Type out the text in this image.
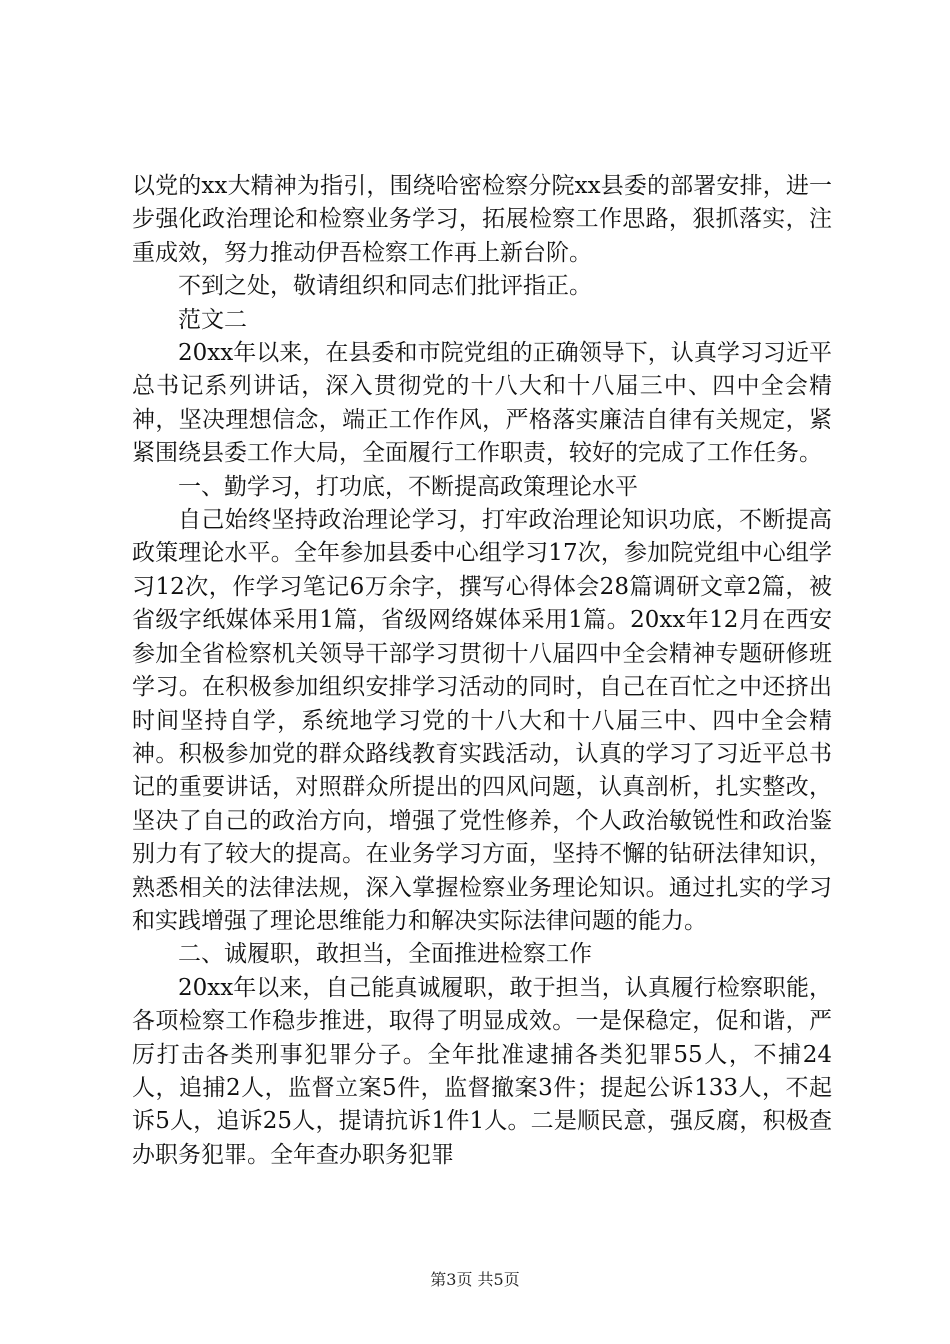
以党的xx大精神为指引，围绕哈密检察分院xx县委的部署安排，进一步强化政治理论和检察业务学习，拓展检察工作思路，狠抓落实，注重成效，努力推动伊吾检察工作再上新台阶。

不到之处，敬请组织和同志们批评指正。

范文二

20xx年以来，在县委和市院党组的正确领导下，认真学习习近平总书记系列讲话，深入贯彻党的十八大和十八届三中、四中全会精神，坚决理想信念，端正工作作风，严格落实廉洁自律有关规定，紧紧围绕县委工作大局，全面履行工作职责，较好的完成了工作任务。

一、勤学习，打功底，不断提高政策理论水平

自己始终坚持政治理论学习，打牢政治理论知识功底，不断提高政策理论水平。全年参加县委中心组学习17次，参加院党组中心组学习12次，作学习笔记6万余字，撰写心得体会28篇调研文章2篇，被省级字纸媒体采用1篇，省级网络媒体采用1篇。20xx年12月在西安参加全省检察机关领导干部学习贯彻十八届四中全会精神专题研修班学习。在积极参加组织安排学习活动的同时，自己在百忙之中还挤出时间坚持自学，系统地学习党的十八大和十八届三中、四中全会精神。积极参加党的群众路线教育实践活动，认真的学习了习近平总书记的重要讲话，对照群众所提出的四风问题，认真剖析，扎实整改，坚决了自己的政治方向，增强了党性修养，个人政治敏锐性和政治鉴别力有了较大的提高。在业务学习方面，坚持不懈的钻研法律知识，熟悉相关的法律法规，深入掌握检察业务理论知识。通过扎实的学习和实践增强了理论思维能力和解决实际法律问题的能力。

二、诚履职，敢担当，全面推进检察工作

20xx年以来，自己能真诚履职，敢于担当，认真履行检察职能，各项检察工作稳步推进，取得了明显成效。一是保稳定，促和谐，严厉打击各类刑事犯罪分子。全年批准逮捕各类犯罪55人，不捕24人，追捕2人，监督立案5件，监督撤案3件；提起公诉133人，不起诉5人，追诉25人，提请抗诉1件1人。二是顺民意，强反腐，积极查办职务犯罪。全年查办职务犯罪

第3页 共5页
